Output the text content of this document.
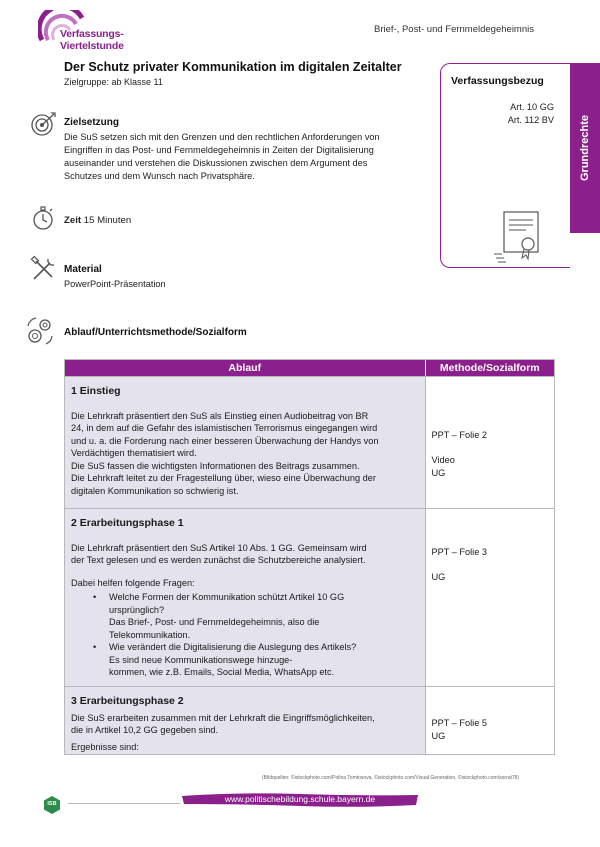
Verfassungs-
Viertelstunde
Brief-, Post- und Fernmeldegeheimnis
Der Schutz privater Kommunikation im digitalen Zeitalter
Zielgruppe: ab Klasse 11
Zielsetzung
Die SuS setzen sich mit den Grenzen und den rechtlichen Anforderungen von
Eingriffen in das Post- und Fernmeldegeheimnis in Zeiten der Digitalisierung
auseinander und verstehen die Diskussionen zwischen dem Argument des
Schutzes und dem Wunsch nach Privatsphäre.
Zeit 15 Minuten
Material
PowerPoint-Präsentation
Ablauf/Unterrichtsmethode/Sozialform
Verfassungsbezug
Art. 10 GG
Art. 112 BV Grundrechte
Ablauf	Methode/Sozialform
1 Einstieg

Die Lehrkraft präsentiert den SuS als Einstieg einen Audiobeitrag von BR

24, in dem auf die Gefahr des islamistischen Terrorismus eingegangen wird

und u. a. die Forderung nach einer besseren Überwachung der Handys von

Verdächtigen thematisiert wird.

Die SuS fassen die wichtigsten Informationen des Beitrags zusammen.

Die Lehrkraft leitet zu der Fragestellung über, wieso eine Überwachung der

digitalen Kommunikation so schwierig ist.

PPT – Folie 2

Video

UG

2 Erarbeitungsphase 1

Die Lehrkraft präsentiert den SuS Artikel 10 Abs. 1 GG. Gemeinsam wird

der Text gelesen und es werden zunächst die Schutzbereiche analysiert.

Dabei helfen folgende Fragen:

• Welche Formen der Kommunikation schützt Artikel 10 GG
ursprünglich?
Das Brief-, Post- und Fernmeldegeheimnis, also die
Telekommunikation.
• Wie verändert die Digitalisierung die Auslegung des Artikels?
Es sind neue Kommunikationswege hinzuge-
kommen, wie z.B. Emails, Social Media, WhatsApp etc.

PPT – Folie 3

UG

3 Erarbeitungsphase 2

Die SuS erarbeiten zusammen mit der Lehrkraft die Eingriffsmöglichkeiten,

die in Artikel 10,2 GG gegeben sind.

Ergebnisse sind:

PPT – Folie 5

UG

(Bildquellen: ©istockphoto.com/Polina Tomtosova, ©istockphoto.com/Visual Generation, ©istockphoto.com/sorrat78)
ISB	www.politischebildung.schule.bayern.de
